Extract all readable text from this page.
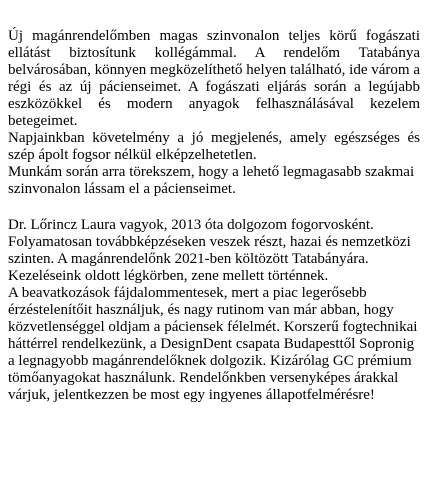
Új magánrendelőmben magas szinvonalon teljes körű fogászati ellátást biztosítunk kollégámmal. A rendelőm Tatabánya belvárosában, könnyen megközelíthető helyen található, ide várom a régi és az új pácienseimet. A fogászati eljárás során a legújabb eszközökkel és modern anyagok felhasználásával kezelem betegeimet.

Napjainkban követelmény a jó megjelenés, amely egészséges és szép ápolt fogsor nélkül elképzelhetetlen.

Munkám során arra törekszem, hogy a lehető legmagasabb szakmai szinvonalon lássam el a pácienseimet.

Dr. Lőrincz Laura vagyok, 2013 óta dolgozom fogorvosként. Folyamatosan továbbképzéseken veszek részt, hazai és nemzetközi szinten. A magánrendelőnk 2021-ben költözött Tatabányára. Kezeléseink oldott légkörben, zene mellett történnek.

A beavatkozások fájdalommentesek, mert a piac legerősebb érzéstelenítőit használjuk, és nagy rutinom van már abban, hogy közvetlenséggel oldjam a páciensek félelmét. Korszerű fogtechnikai háttérrel rendelkezünk, a DesignDent csapata Budapesttől Sopronig a legnagyobb magánrendelőknek dolgozik. Kizárólag GC prémium tömőanyagokat használunk. Rendelőnkben versenyképes árakkal várjuk, jelentkezzen be most egy ingyenes állapotfelmérésre!
